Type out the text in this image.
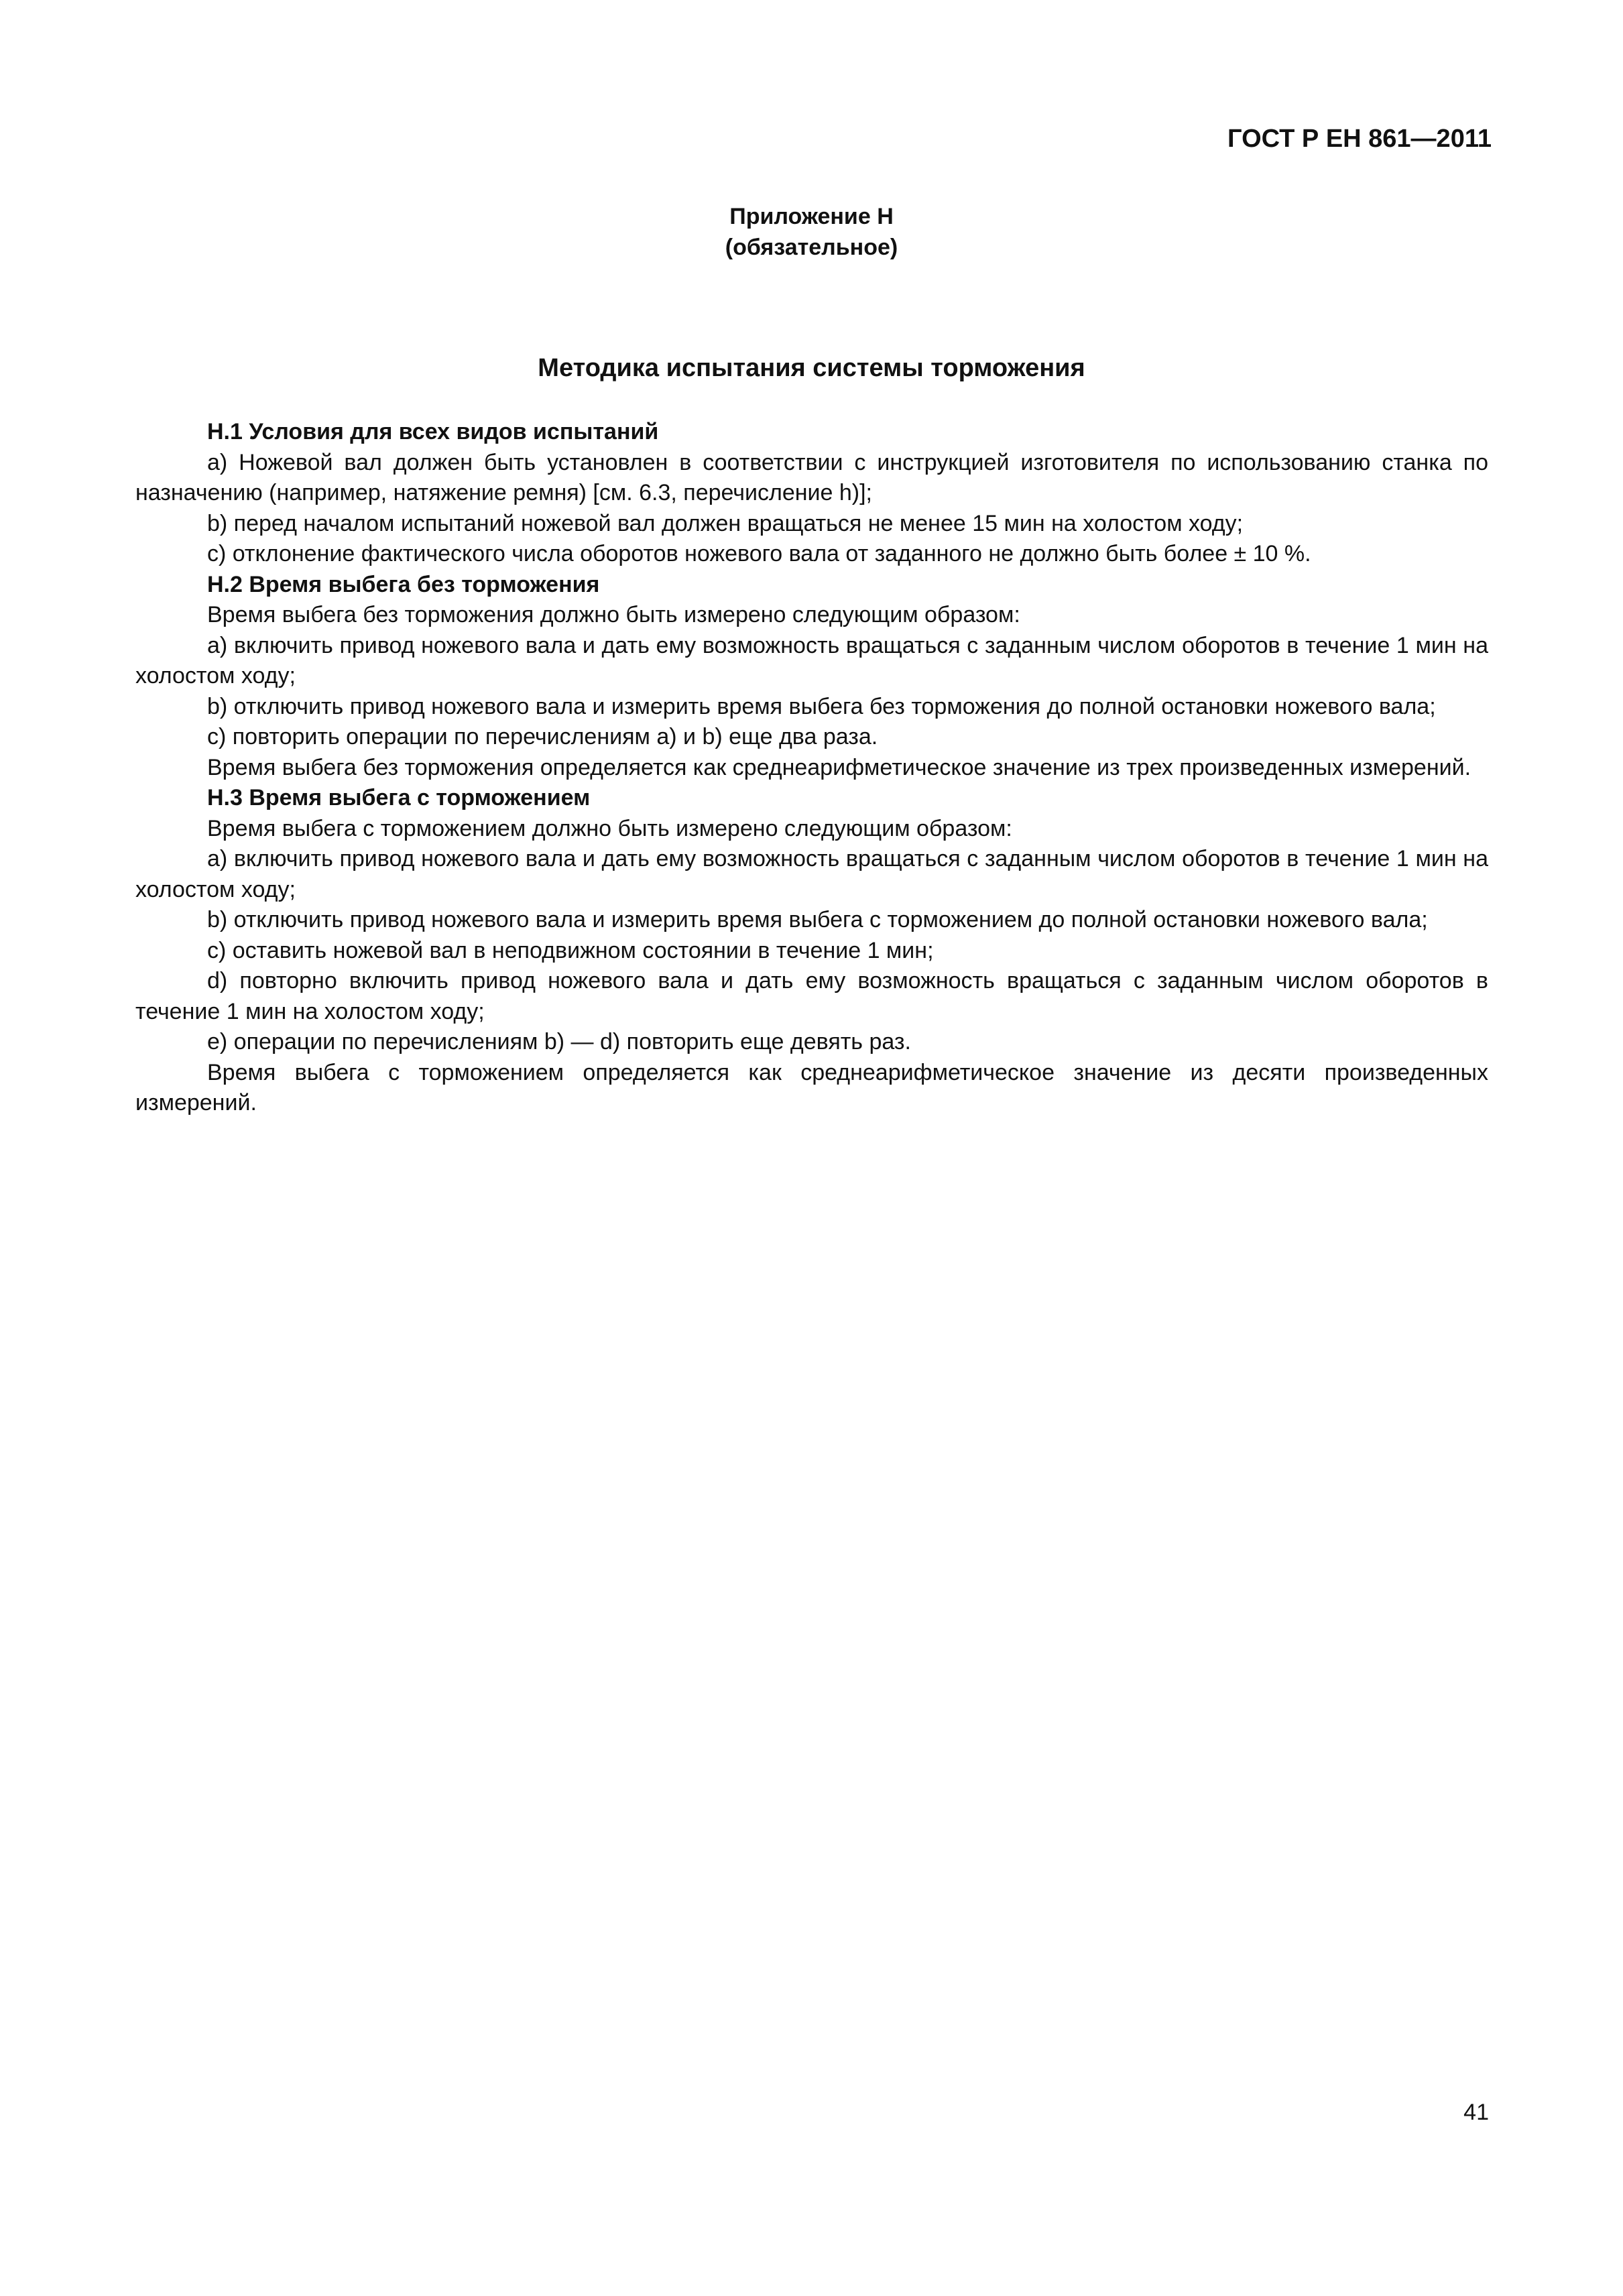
ГОСТ Р ЕН 861—2011
Приложение Н
(обязательное)
Методика испытания системы торможения

Н.1 Условия для всех видов испытаний

а) Ножевой вал должен быть установлен в соответствии с инструкцией изготовителя по использованию станка по назначению (например, натяжение ремня) [см. 6.3, перечисление h)];

b) перед началом испытаний ножевой вал должен вращаться не менее 15 мин на холостом ходу;

с) отклонение фактического числа оборотов ножевого вала от заданного не должно быть более ± 10 %.

Н.2 Время выбега без торможения

Время выбега без торможения должно быть измерено следующим образом:

а) включить привод ножевого вала и дать ему возможность вращаться с заданным числом оборотов в течение 1 мин на холостом ходу;

b) отключить привод ножевого вала и измерить время выбега без торможения до полной остановки ножевого вала;

с) повторить операции по перечислениям а) и b) еще два раза.

Время выбега без торможения определяется как среднеарифметическое значение из трех произведенных измерений.

Н.3 Время выбега с торможением

Время выбега с торможением должно быть измерено следующим образом:

а) включить привод ножевого вала и дать ему возможность вращаться с заданным числом оборотов в течение 1 мин на холостом ходу;

b) отключить привод ножевого вала и измерить время выбега с торможением до полной остановки ножевого вала;

с) оставить ножевой вал в неподвижном состоянии в течение 1 мин;

d) повторно включить привод ножевого вала и дать ему возможность вращаться с заданным числом оборотов в течение 1 мин на холостом ходу;

е) операции по перечислениям b) — d) повторить еще девять раз.

Время выбега с торможением определяется как среднеарифметическое значение из десяти произведенных измерений.

41
